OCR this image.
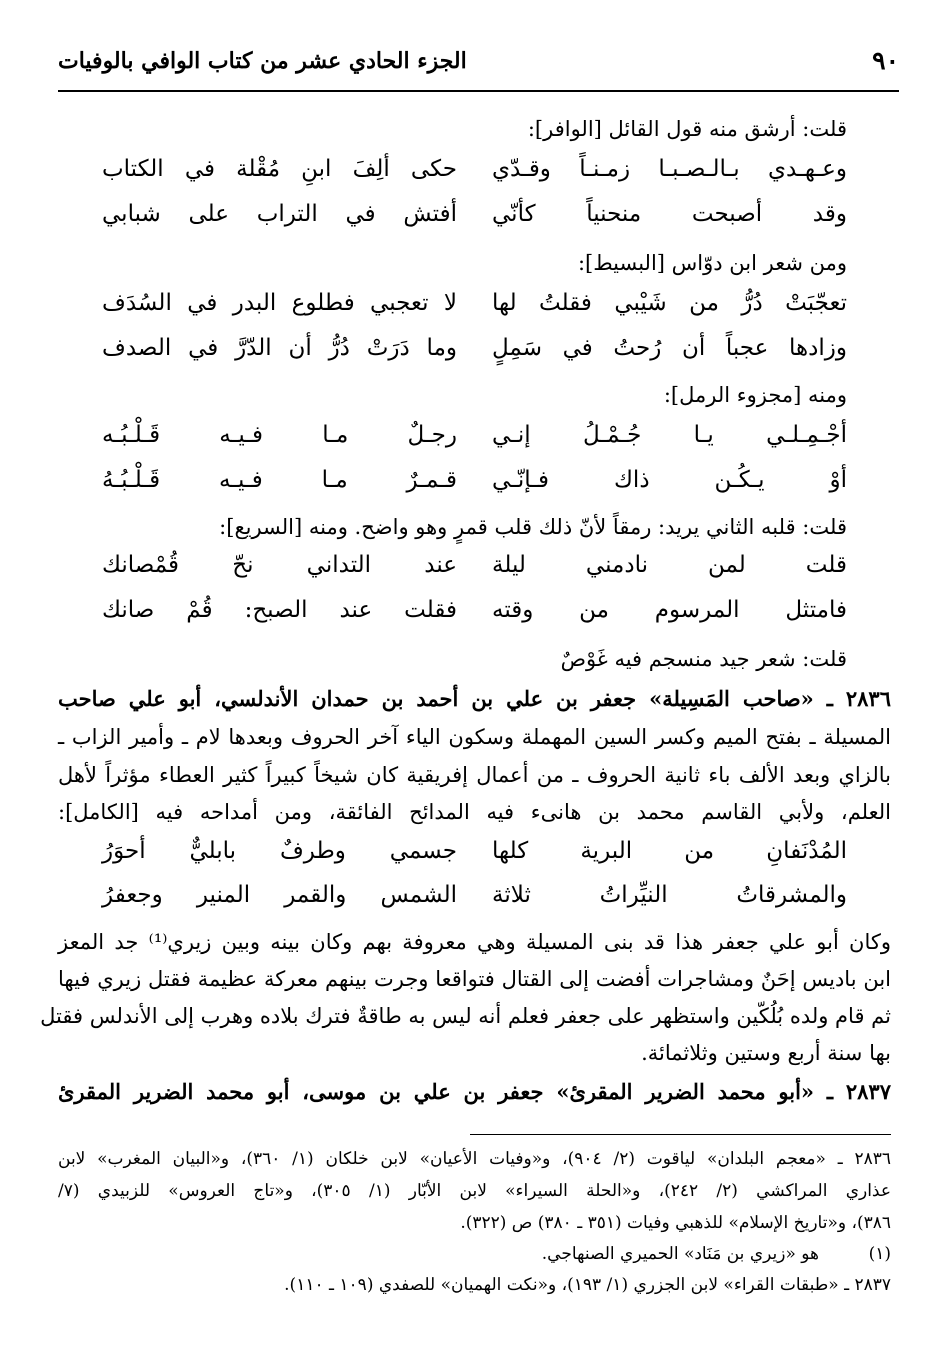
٩٠
الجزء الحادي عشر من كتاب الوافي بالوفيات
قلت: أرشق منه قول القائل [الوافر]:
وعـهـدي بـالـصـبـا زمـنـاً وقـدّي
حكى ألِفَ ابنِ مُقْلة في الكتاب
وقد أصبحت منحنياً كأنّي
أفتش في التراب على شبابي
ومن شعر ابن دوّاس [البسيط]:
تعجّبَتْ دُرُّ من شَيْبي فقلتُ لها
لا تعجبي فطلوع البدر في السُدَف
وزادها عجباً أن رُحتُ في سَمِلٍ
وما دَرَتْ دُرُّ أن الدّرَّ في الصدف
ومنه [مجزوء الرمل]:
أجْـمِـلـي يـا جُـمْـلُ إنـي
رجـلٌ مـا فـيـه قَـلْـبُـه
أوْ يـكُـن ذاك فـإنّـي
قـمـرٌ مـا فـيـه قَـلْـبُـهُ
قلت: قلبه الثاني يريد: رمقاً لأنّ ذلك قلب قمرٍ وهو واضح. ومنه [السريع]:
قلت لمن نادمني ليلة
عند التداني نحّ قُمْصانك
فامتثل المرسوم من وقته
فقلت عند الصبح: قُمْ صانك
قلت: شعر جيد منسجم فيه غَوْصٌ
٢٨٣٦ ـ «صاحب المَسِيلة» جعفر بن علي بن أحمد بن حمدان الأندلسي، أبو علي صاحب
المسيلة ـ بفتح الميم وكسر السين المهملة وسكون الياء آخر الحروف وبعدها لام ـ وأمير الزاب ـ
بالزاي وبعد الألف باء ثانية الحروف ـ من أعمال إفريقية كان شيخاً كبيراً كثير العطاء مؤثراً لأهل
العلم، ولأبي القاسم محمد بن هانىء فيه المدائح الفائقة، ومن أمداحه فيه [الكامل]:
المُدْنَفانِ من البرية كلها
جسمي وطرفٌ بابليٌّ أحوَرُ
والمشرقاتُ النيِّراتُ ثلاثة
الشمس والقمر المنير وجعفرُ
وكان أبو علي جعفر هذا قد بنى المسيلة وهي معروفة بهم وكان بينه وبين زيري⁽¹⁾ جد المعز
ابن باديس إحَنٌ ومشاجرات أفضت إلى القتال فتواقعا وجرت بينهم معركة عظيمة فقتل زيري فيها
ثم قام ولده بُلُكّين واستظهر على جعفر فعلم أنه ليس به طاقةٌ فترك بلاده وهرب إلى الأندلس فقتل
بها سنة أربع وستين وثلاثمائة.
٢٨٣٧ ـ «أبو محمد الضرير المقرئ» جعفر بن علي بن موسى، أبو محمد الضرير المقرئ
٢٨٣٦ ـ «معجم البلدان» لياقوت (٢/ ٩٠٤)، و«وفيات الأعيان» لابن خلكان (١/ ٣٦٠)، و«البيان المغرب» لابن
عذاري المراكشي (٢/ ٢٤٢)، و«الحلة السيراء» لابن الأبّار (١/ ٣٠٥)، و«تاج العروس» للزبيدي (٧/
٣٨٦)، و«تاريخ الإسلام» للذهبي وفيات (٣٥١ ـ ٣٨٠) ص (٣٢٢).
(١)
هو «زيري بن مَنَاد» الحميري الصنهاجي.
٢٨٣٧ ـ «طبقات القراء» لابن الجزري (١/ ١٩٣)، و«نكت الهميان» للصفدي (١٠٩ ـ ١١٠).
